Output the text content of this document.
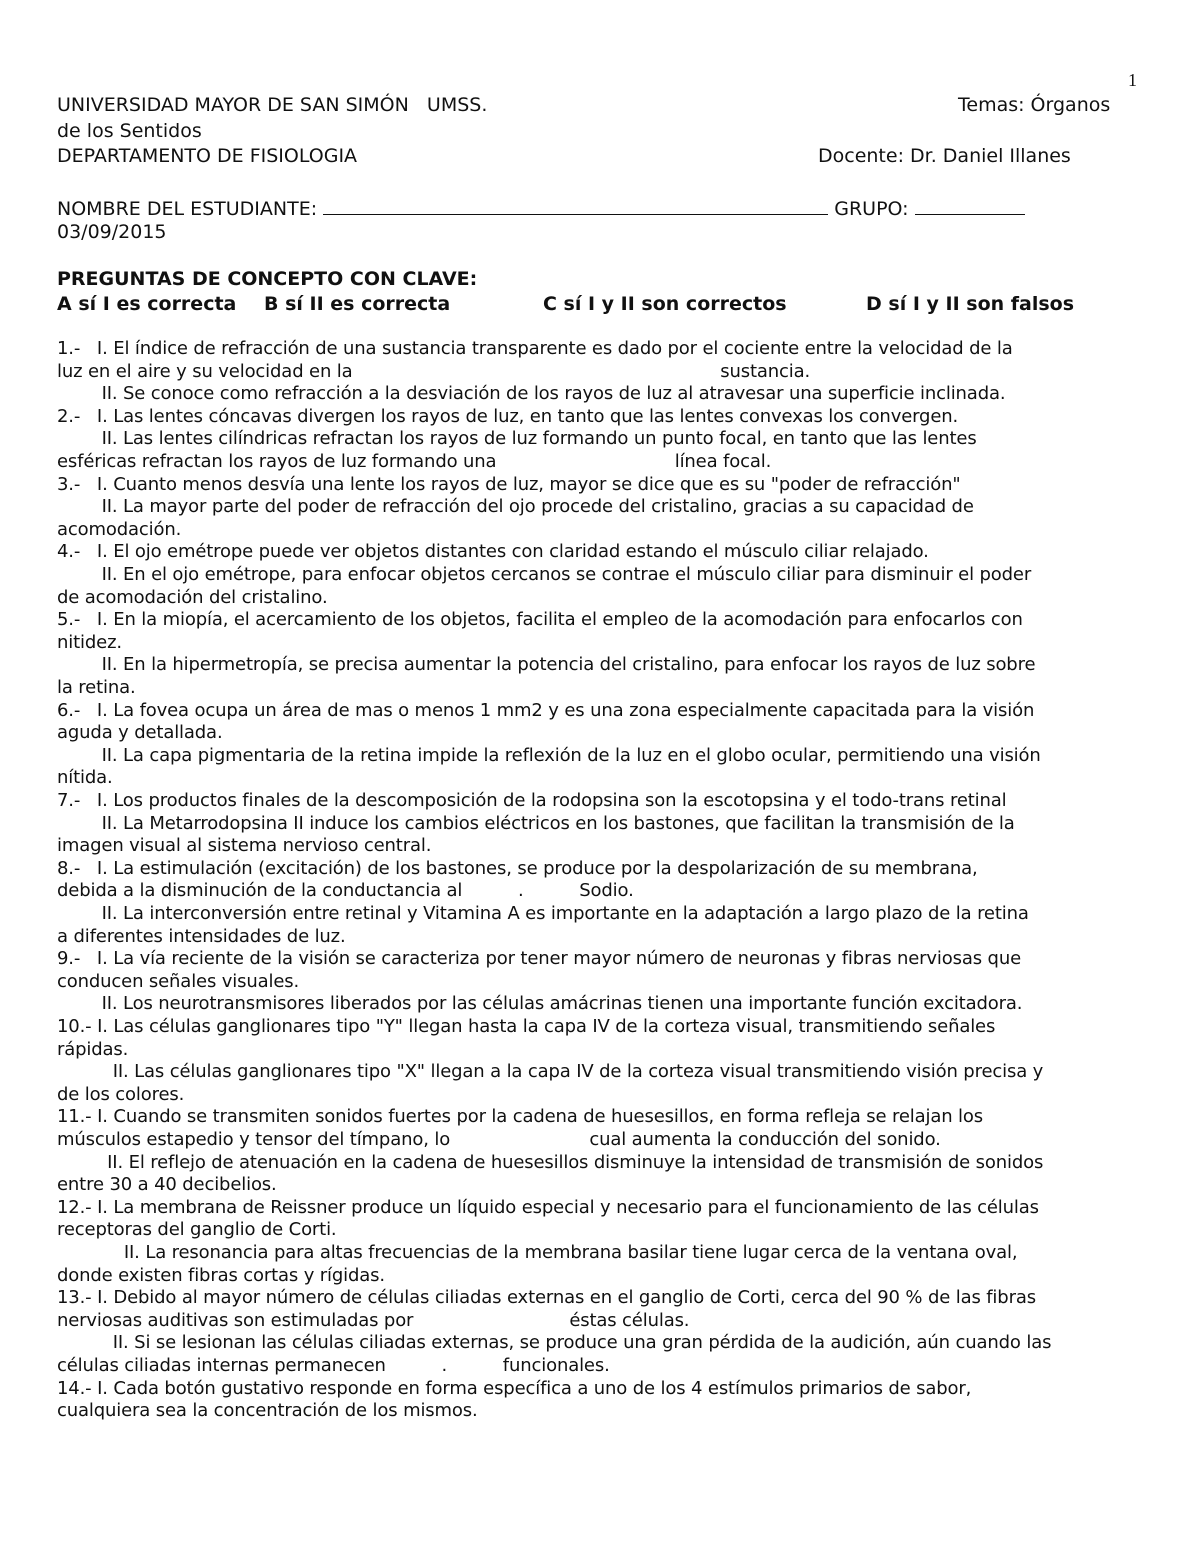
1
UNIVERSIDAD MAYOR DE SAN SIMÓN   UMSS.	Temas: Órganos
de los Sentidos
DEPARTAMENTO DE FISIOLOGIA	Docente: Dr. Daniel Illanes
NOMBRE DEL ESTUDIANTE:	GRUPO:
03/09/2015
PREGUNTAS DE CONCEPTO CON CLAVE:
A sí I es correcta B sí II es correcta	C sí I y II son correctos	D sí I y II son falsos
1.-   I. El índice de refracción de una sustancia transparente es dado por el cociente entre la velocidad de la
luz en el aire y su velocidad en la                                                                  sustancia.
II. Se conoce como refracción a la desviación de los rayos de luz al atravesar una superficie inclinada.
2.-   I. Las lentes cóncavas divergen los rayos de luz, en tanto que las lentes convexas los convergen.
II. Las lentes cilíndricas refractan los rayos de luz formando un punto focal, en tanto que las lentes
esféricas refractan los rayos de luz formando una                                línea focal.
3.-   I. Cuanto menos desvía una lente los rayos de luz, mayor se dice que es su "poder de refracción"
II. La mayor parte del poder de refracción del ojo procede del cristalino, gracias a su capacidad de
acomodación.
4.-   I. El ojo emétrope puede ver objetos distantes con claridad estando el músculo ciliar relajado.
II. En el ojo emétrope, para enfocar objetos cercanos se contrae el músculo ciliar para disminuir el poder
de acomodación del cristalino.
5.-   I. En la miopía, el acercamiento de los objetos, facilita el empleo de la acomodación para enfocarlos con
nitidez.
II. En la hipermetropía, se precisa aumentar la potencia del cristalino, para enfocar los rayos de luz sobre
la retina.
6.-   I. La fovea ocupa un área de mas o menos 1 mm2 y es una zona especialmente capacitada para la visión
aguda y detallada.
II. La capa pigmentaria de la retina impide la reflexión de la luz en el globo ocular, permitiendo una visión
nítida.
7.-   I. Los productos finales de la descomposición de la rodopsina son la escotopsina y el todo-trans retinal
II. La Metarrodopsina II induce los cambios eléctricos en los bastones, que facilitan la transmisión de la
imagen visual al sistema nervioso central.
8.-   I. La estimulación (excitación) de los bastones, se produce por la despolarización de su membrana,
debida a la disminución de la conductancia al          .          Sodio.
II. La interconversión entre retinal y Vitamina A es importante en la adaptación a largo plazo de la retina
a diferentes intensidades de luz.
9.-   I. La vía reciente de la visión se caracteriza por tener mayor número de neuronas y fibras nerviosas que
conducen señales visuales.
II. Los neurotransmisores liberados por las células amácrinas tienen una importante función excitadora.
10.- I. Las células ganglionares tipo "Y" llegan hasta la capa IV de la corteza visual, transmitiendo señales
rápidas.
II. Las células ganglionares tipo "X" llegan a la capa IV de la corteza visual transmitiendo visión precisa y
de los colores.
11.- I. Cuando se transmiten sonidos fuertes por la cadena de huesesillos, en forma refleja se relajan los
músculos estapedio y tensor del tímpano, lo                         cual aumenta la conducción del sonido.
II. El reflejo de atenuación en la cadena de huesesillos disminuye la intensidad de transmisión de sonidos
entre 30 a 40 decibelios.
12.- I. La membrana de Reissner produce un líquido especial y necesario para el funcionamiento de las células
receptoras del ganglio de Corti.
II. La resonancia para altas frecuencias de la membrana basilar tiene lugar cerca de la ventana oval,
donde existen fibras cortas y rígidas.
13.- I. Debido al mayor número de células ciliadas externas en el ganglio de Corti, cerca del 90 % de las fibras
nerviosas auditivas son estimuladas por                            éstas células.
II. Si se lesionan las células ciliadas externas, se produce una gran pérdida de la audición, aún cuando las
células ciliadas internas permanecen          .          funcionales.
14.- I. Cada botón gustativo responde en forma específica a uno de los 4 estímulos primarios de sabor,
cualquiera sea la concentración de los mismos.
